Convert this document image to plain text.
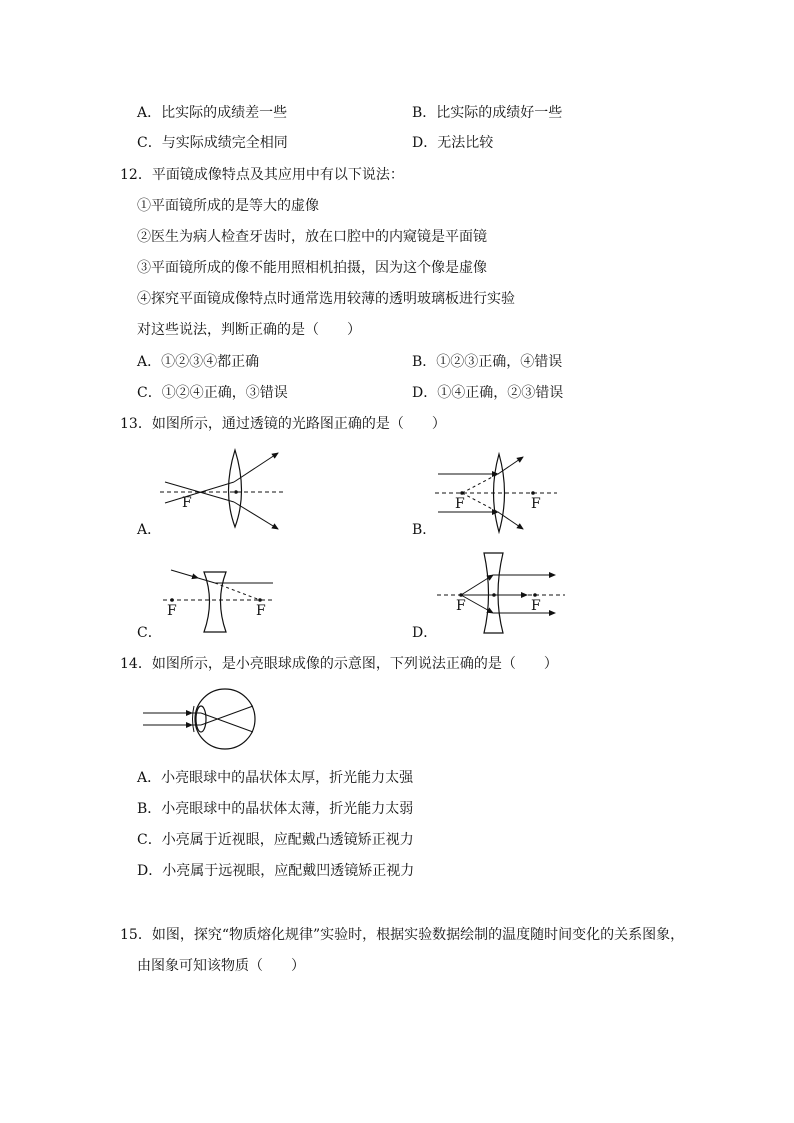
A．比实际的成绩差一些	B．比实际的成绩好一些
C．与实际成绩完全相同	D．无法比较
12．平面镜成像特点及其应用中有以下说法：
①平面镜所成的是等大的虚像
②医生为病人检查牙齿时，放在口腔中的内窥镜是平面镜
③平面镜所成的像不能用照相机拍摄，因为这个像是虚像
④探究平面镜成像特点时通常选用较薄的透明玻璃板进行实验
对这些说法，判断正确的是（　　）
A．①②③④都正确	B．①②③正确，④错误
C．①②④正确，③错误	D．①④正确，②③错误
13．如图所示，通过透镜的光路图正确的是（　　）
F
A．
F	F
B．
F	F
C．
F	F
D．
14．如图所示，是小亮眼球成像的示意图，下列说法正确的是（　　）
A．小亮眼球中的晶状体太厚，折光能力太强
B．小亮眼球中的晶状体太薄，折光能力太弱
C．小亮属于近视眼，应配戴凸透镜矫正视力
D．小亮属于远视眼，应配戴凹透镜矫正视力
15．如图，探究“物质熔化规律”实验时，根据实验数据绘制的温度随时间变化的关系图象，
由图象可知该物质（　　）
